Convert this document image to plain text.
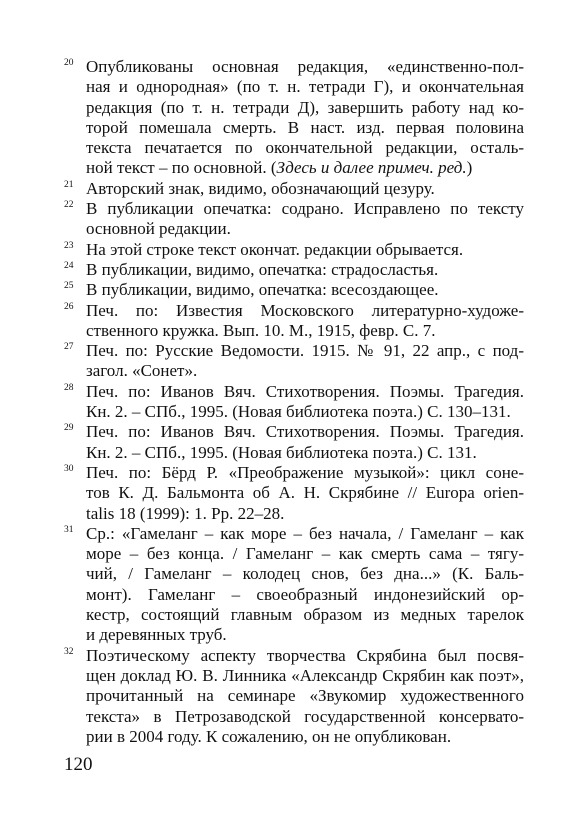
20 Опубликованы основная редакция, «единственно-пол-
ная и однородная» (по т. н. тетради Г), и окончательная
редакция (по т. н. тетради Д), завершить работу над ко-
торой помешала смерть. В наст. изд. первая половина
текста печатается по окончательной редакции, осталь-
ной текст – по основной. (Здесь и далее примеч. ред.)
21 Авторский знак, видимо, обозначающий цезуру.
22 В публикации опечатка: содрано. Исправлено по тексту
основной редакции.
23 На этой строке текст окончат. редакции обрывается.
24 В публикации, видимо, опечатка: страдосластья.
25 В публикации, видимо, опечатка: всесоздающее.
26 Печ. по: Известия Московского литературно-художе-
ственного кружка. Вып. 10. М., 1915, февр. С. 7.
27 Печ. по: Русские Ведомости. 1915. № 91, 22 апр., с под-
загол. «Сонет».
28 Печ. по: Иванов Вяч. Стихотворения. Поэмы. Трагедия.
Кн. 2. – СПб., 1995. (Новая библиотека поэта.) С. 130–131.
29 Печ. по: Иванов Вяч. Стихотворения. Поэмы. Трагедия.
Кн. 2. – СПб., 1995. (Новая библиотека поэта.) С. 131.
30 Печ. по: Бёрд Р. «Преображение музыкой»: цикл соне-
тов К. Д. Бальмонта об А. Н. Скрябине // Europa orien-
talis 18 (1999): 1. Pp. 22–28.
31 Ср.: «Гамеланг – как море – без начала, / Гамеланг – как
море – без конца. / Гамеланг – как смерть сама – тягу-
чий, / Гамеланг – колодец снов, без дна...» (К. Баль-
монт). Гамеланг – своеобразный индонезийский ор-
кестр, состоящий главным образом из медных тарелок
и деревянных труб.
32 Поэтическому аспекту творчества Скрябина был посвя-
щен доклад Ю. В. Линника «Александр Скрябин как поэт»,
прочитанный на семинаре «Звукомир художественного
текста» в Петрозаводской государственной консервато-
рии в 2004 году. К сожалению, он не опубликован.
120
